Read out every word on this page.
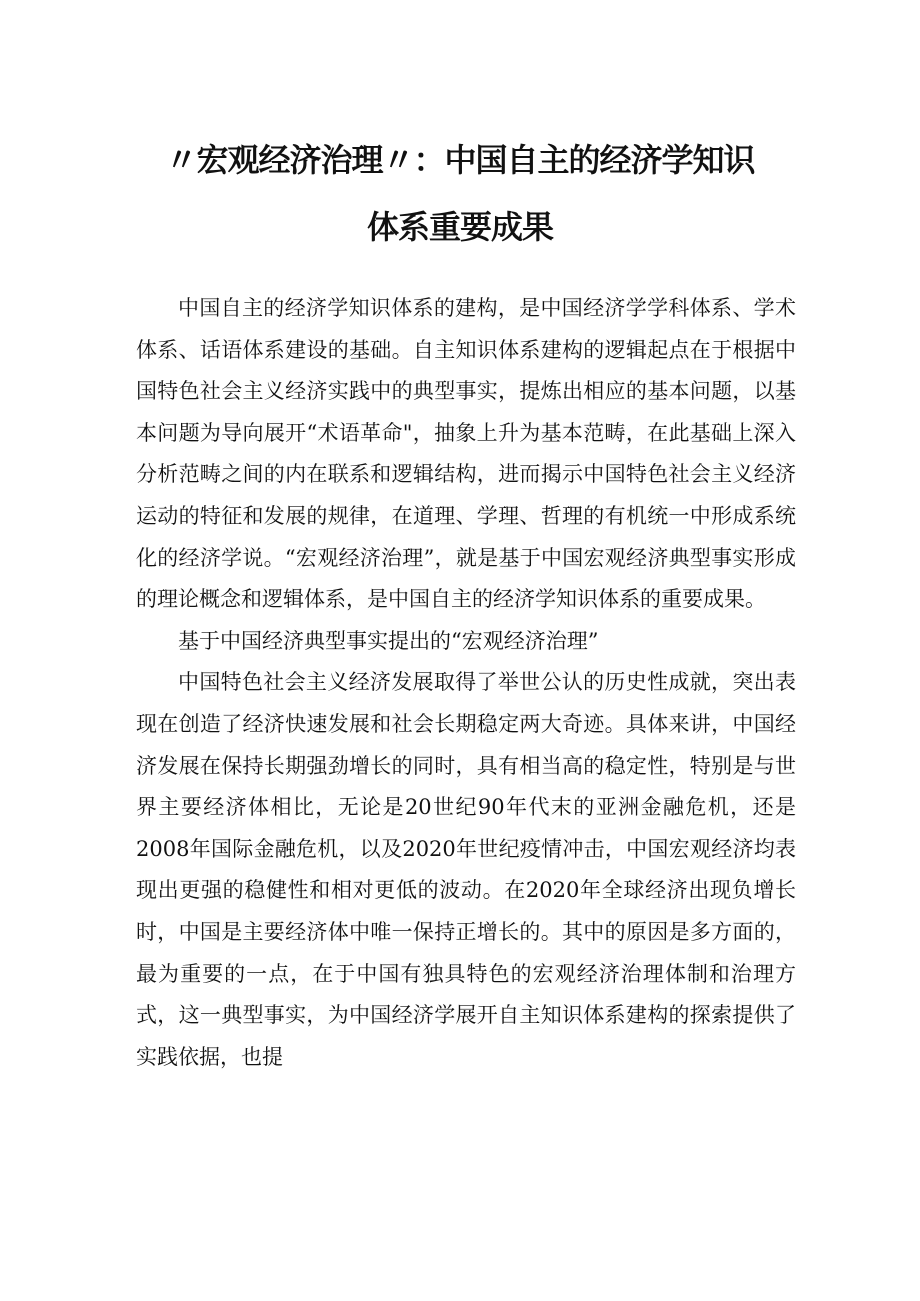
〃宏观经济治理〃：中国自主的经济学知识
体系重要成果

中国自主的经济学知识体系的建构，是中国经济学学科体系、学术体系、话语体系建设的基础。自主知识体系建构的逻辑起点在于根据中国特色社会主义经济实践中的典型事实，提炼出相应的基本问题，以基本问题为导向展开“术语革命"，抽象上升为基本范畴，在此基础上深入分析范畴之间的内在联系和逻辑结构，进而揭示中国特色社会主义经济运动的特征和发展的规律，在道理、学理、哲理的有机统一中形成系统化的经济学说。“宏观经济治理”，就是基于中国宏观经济典型事实形成的理论概念和逻辑体系，是中国自主的经济学知识体系的重要成果。

基于中国经济典型事实提出的“宏观经济治理”

中国特色社会主义经济发展取得了举世公认的历史性成就，突出表现在创造了经济快速发展和社会长期稳定两大奇迹。具体来讲，中国经济发展在保持长期强劲增长的同时，具有相当高的稳定性，特别是与世界主要经济体相比，无论是20世纪90年代末的亚洲金融危机，还是2008年国际金融危机，以及2020年世纪疫情冲击，中国宏观经济均表现出更强的稳健性和相对更低的波动。在2020年全球经济出现负增长时，中国是主要经济体中唯一保持正增长的。其中的原因是多方面的，最为重要的一点，在于中国有独具特色的宏观经济治理体制和治理方式，这一典型事实，为中国经济学展开自主知识体系建构的探索提供了实践依据，也提
